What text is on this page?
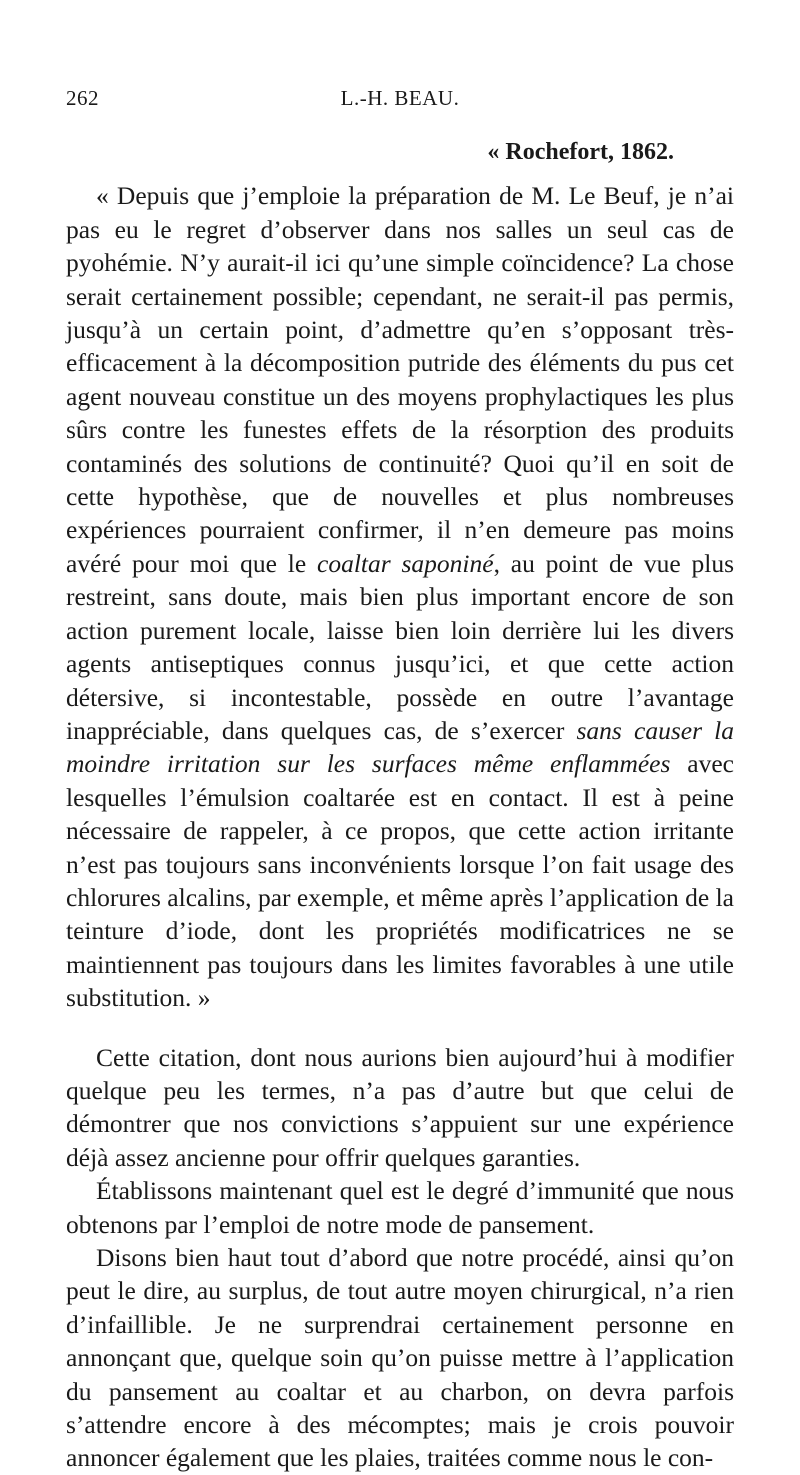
262	L.-H. BEAU.
« Rochefort, 1862.

« Depuis que j’emploie la préparation de M. Le Beuf, je n’ai pas eu le regret d’observer dans nos salles un seul cas de pyohémie. N’y aurait-il ici qu’une simple coïncidence? La chose serait certainement possible; cependant, ne serait-il pas permis, jusqu’à un certain point, d’admettre qu’en s’opposant très-efficacement à la décomposition putride des éléments du pus cet agent nouveau constitue un des moyens prophylactiques les plus sûrs contre les funestes effets de la résorption des produits contaminés des solutions de continuité? Quoi qu’il en soit de cette hypothèse, que de nouvelles et plus nombreuses expériences pourraient confirmer, il n’en demeure pas moins avéré pour moi que le coaltar saponiné, au point de vue plus restreint, sans doute, mais bien plus important encore de son action purement locale, laisse bien loin derrière lui les divers agents antiseptiques connus jusqu’ici, et que cette action détersive, si incontestable, possède en outre l’avantage inappréciable, dans quelques cas, de s’exercer sans causer la moindre irritation sur les surfaces même enflammées avec lesquelles l’émulsion coaltarée est en contact. Il est à peine nécessaire de rappeler, à ce propos, que cette action irritante n’est pas toujours sans inconvénients lorsque l’on fait usage des chlorures alcalins, par exemple, et même après l’application de la teinture d’iode, dont les propriétés modificatrices ne se maintiennent pas toujours dans les limites favorables à une utile substitution. »

Cette citation, dont nous aurions bien aujourd’hui à modifier quelque peu les termes, n’a pas d’autre but que celui de démontrer que nos convictions s’appuient sur une expérience déjà assez ancienne pour offrir quelques garanties.

Établissons maintenant quel est le degré d’immunité que nous obtenons par l’emploi de notre mode de pansement.

Disons bien haut tout d’abord que notre procédé, ainsi qu’on peut le dire, au surplus, de tout autre moyen chirurgical, n’a rien d’infaillible. Je ne surprendrai certainement personne en annonçant que, quelque soin qu’on puisse mettre à l’application du pansement au coaltar et au charbon, on devra parfois s’attendre encore à des mécomptes; mais je crois pouvoir annoncer également que les plaies, traitées comme nous le con-
